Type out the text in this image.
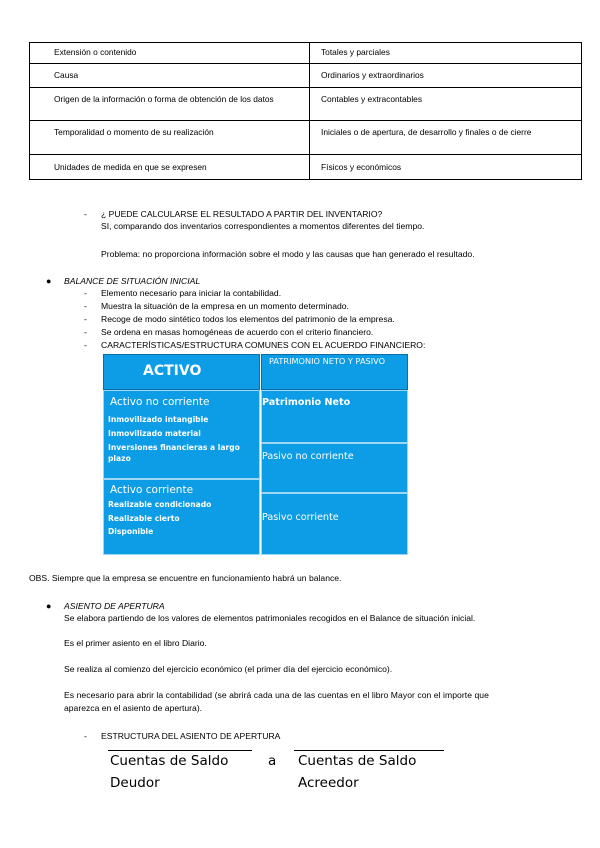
Extensión o contenido	Totales y parciales
Causa	Ordinarios y extraordinarios
Origen de la información o forma de obtención de los datos	Contables y extracontables
Temporalidad o momento de su realización	Iniciales o de apertura, de desarrollo y finales o de cierre
Unidades de medida en que se expresen	Físicos y económicos
- ¿ PUEDE CALCULARSE EL RESULTADO A PARTIR DEL INVENTARIO?
SI, comparando dos inventarios correspondientes a momentos diferentes del tiempo.
Problema: no proporciona información sobre el modo y las causas que han generado el resultado.
● BALANCE DE SITUACIÓN INICIAL
- Elemento necesario para iniciar la contabilidad.
- Muestra la situación de la empresa en un momento determinado.
- Recoge de modo sintético todos los elementos del patrimonio de la empresa.
- Se ordena en masas homogéneas de acuerdo con el criterio financiero.
- CARACTERÍSTICAS/ESTRUCTURA COMUNES CON EL ACUERDO FINANCIERO:
ACTIVO
PATRIMONIO NETO Y PASIVO
Activo no corriente
Inmovilizado intangible
Inmovilizado material
Inversiones financieras a largo
plazo
Activo corriente
Realizable condicionado
Realizable cierto
Disponible
Patrimonio Neto
Pasivo no corriente
Pasivo corriente
OBS. Siempre que la empresa se encuentre en funcionamiento habrá un balance.
● ASIENTO DE APERTURA
Se elabora partiendo de los valores de elementos patrimoniales recogidos en el Balance de situación inicial.
Es el primer asiento en el libro Diario.
Se realiza al comienzo del ejercicio económico (el primer día del ejercicio económico).
Es necesario para abrir la contabilidad (se abrirá cada una de las cuentas en el libro Mayor con el importe que
aparezca en el asiento de apertura).
- ESTRUCTURA DEL ASIENTO DE APERTURA
Cuentas de Saldo
Deudor
a Cuentas de Saldo
Acreedor
